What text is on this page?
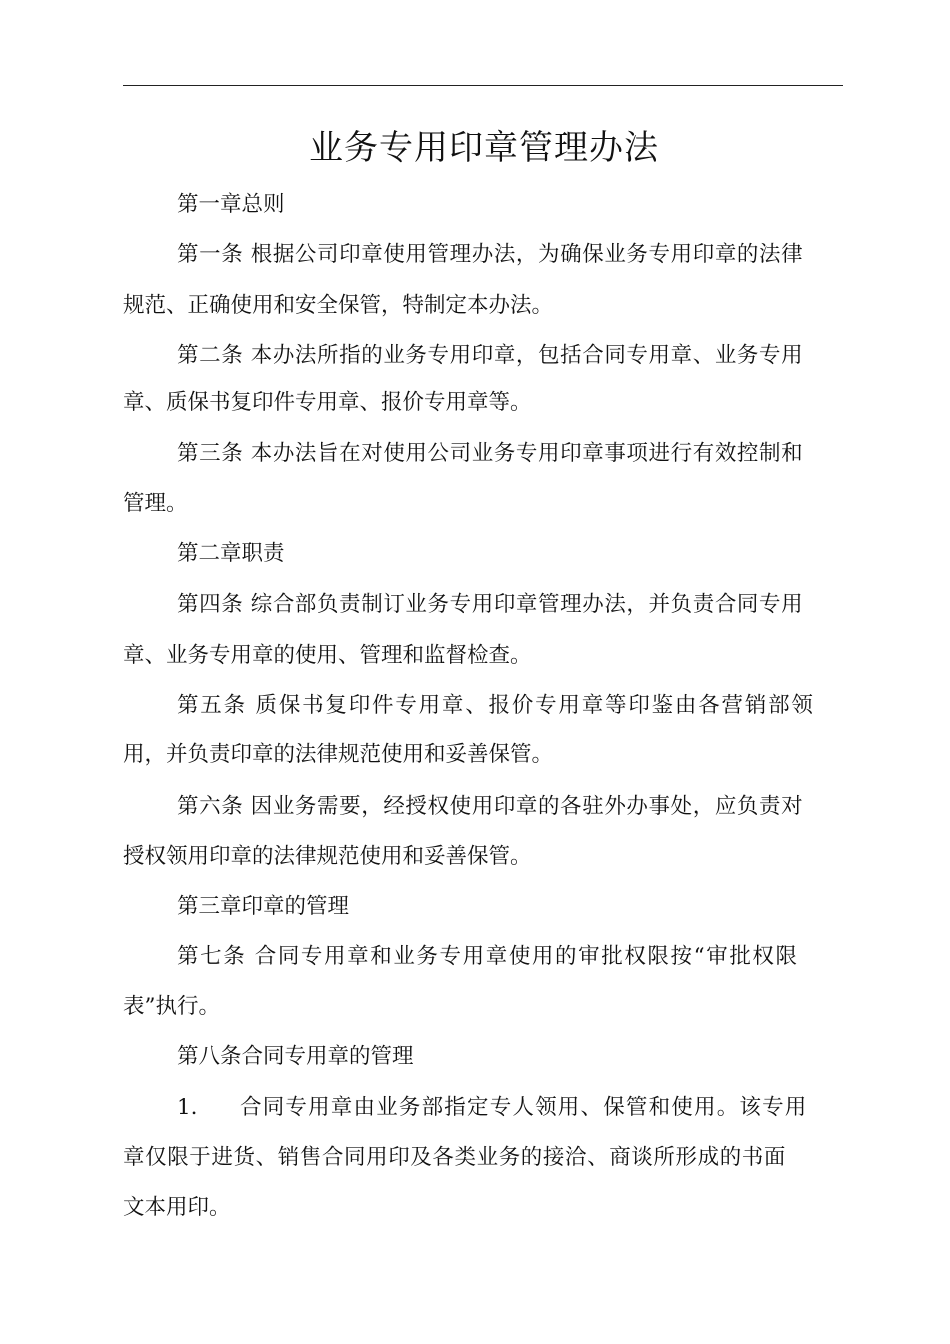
业务专用印章管理办法
第一章总则
第一条 根据公司印章使用管理办法，为确保业务专用印章的法律
规范、正确使用和安全保管，特制定本办法。
第二条 本办法所指的业务专用印章，包括合同专用章、业务专用
章、质保书复印件专用章、报价专用章等。
第三条 本办法旨在对使用公司业务专用印章事项进行有效控制和
管理。
第二章职责
第四条 综合部负责制订业务专用印章管理办法，并负责合同专用
章、业务专用章的使用、管理和监督检查。
第五条 质保书复印件专用章、报价专用章等印鉴由各营销部领
用，并负责印章的法律规范使用和妥善保管。
第六条 因业务需要，经授权使用印章的各驻外办事处，应负责对
授权领用印章的法律规范使用和妥善保管。
第三章印章的管理
第七条 合同专用章和业务专用章使用的审批权限按“审批权限
表”执行。
第八条合同专用章的管理
1. 合同专用章由业务部指定专人领用、保管和使用。该专用
章仅限于进货、销售合同用印及各类业务的接洽、商谈所形成的书面
文本用印。
